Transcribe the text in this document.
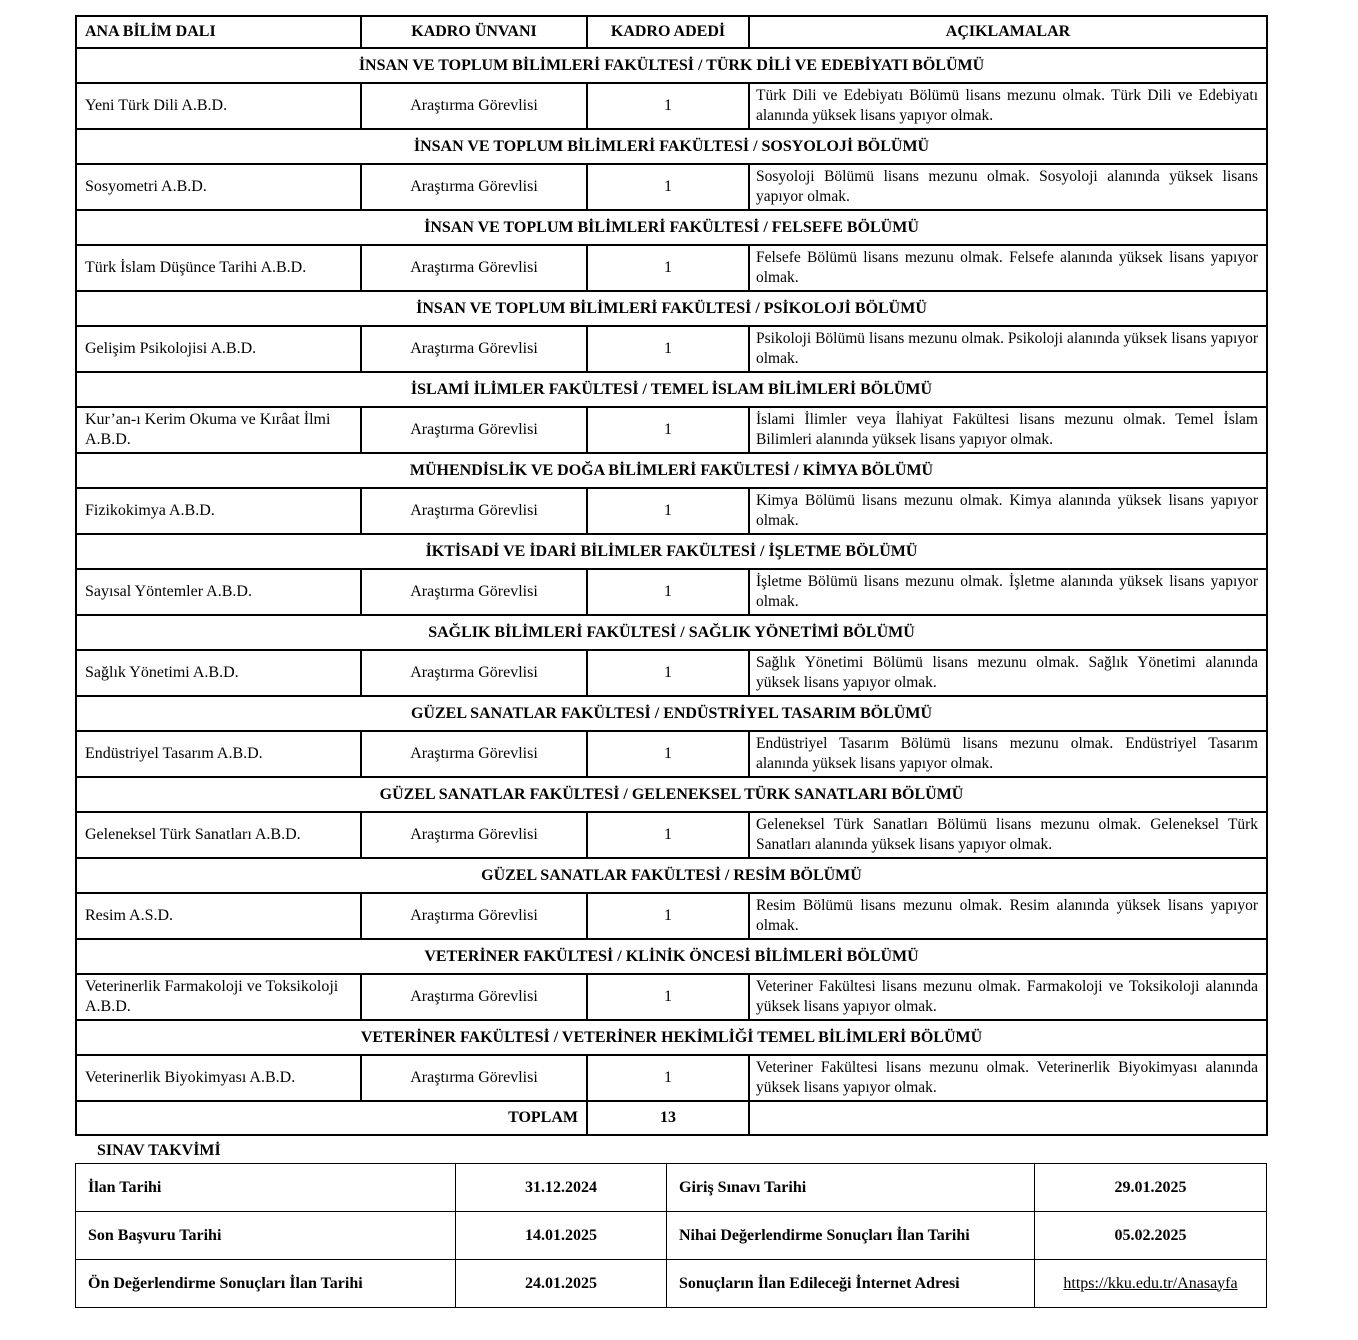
ANA BİLİM DALI	KADRO ÜNVANI	KADRO ADEDİ	AÇIKLAMALAR
İNSAN VE TOPLUM BİLİMLERİ FAKÜLTESİ / TÜRK DİLİ VE EDEBİYATI BÖLÜMÜ			
Yeni Türk Dili A.B.D.	Araştırma Görevlisi	1	Türk Dili ve Edebiyatı Bölümü lisans mezunu olmak. Türk Dili ve Edebiyatı alanında yüksek lisans yapıyor olmak.
İNSAN VE TOPLUM BİLİMLERİ FAKÜLTESİ / SOSYOLOJİ BÖLÜMÜ			
Sosyometri A.B.D.	Araştırma Görevlisi	1	Sosyoloji Bölümü lisans mezunu olmak. Sosyoloji alanında yüksek lisans yapıyor olmak.
İNSAN VE TOPLUM BİLİMLERİ FAKÜLTESİ / FELSEFE BÖLÜMÜ			
Türk İslam Düşünce Tarihi A.B.D.	Araştırma Görevlisi	1	Felsefe Bölümü lisans mezunu olmak. Felsefe alanında yüksek lisans yapıyor olmak.
İNSAN VE TOPLUM BİLİMLERİ FAKÜLTESİ / PSİKOLOJİ BÖLÜMÜ			
Gelişim Psikolojisi A.B.D.	Araştırma Görevlisi	1	Psikoloji Bölümü lisans mezunu olmak. Psikoloji alanında yüksek lisans yapıyor olmak.
İSLAMİ İLİMLER FAKÜLTESİ / TEMEL İSLAM BİLİMLERİ BÖLÜMÜ			
Kur’an-ı Kerim Okuma ve Kırâat İlmi A.B.D.	Araştırma Görevlisi	1	İslami İlimler veya İlahiyat Fakültesi lisans mezunu olmak. Temel İslam Bilimleri alanında yüksek lisans yapıyor olmak.
MÜHENDİSLİK VE DOĞA BİLİMLERİ FAKÜLTESİ / KİMYA BÖLÜMÜ			
Fizikokimya A.B.D.	Araştırma Görevlisi	1	Kimya Bölümü lisans mezunu olmak. Kimya alanında yüksek lisans yapıyor olmak.
İKTİSADİ VE İDARİ BİLİMLER FAKÜLTESİ / İŞLETME BÖLÜMÜ			
Sayısal Yöntemler A.B.D.	Araştırma Görevlisi	1	İşletme Bölümü lisans mezunu olmak. İşletme alanında yüksek lisans yapıyor olmak.
SAĞLIK BİLİMLERİ FAKÜLTESİ / SAĞLIK YÖNETİMİ BÖLÜMÜ			
Sağlık Yönetimi A.B.D.	Araştırma Görevlisi	1	Sağlık Yönetimi Bölümü lisans mezunu olmak. Sağlık Yönetimi alanında yüksek lisans yapıyor olmak.
GÜZEL SANATLAR FAKÜLTESİ / ENDÜSTRİYEL TASARIM BÖLÜMÜ			
Endüstriyel Tasarım A.B.D.	Araştırma Görevlisi	1	Endüstriyel Tasarım Bölümü lisans mezunu olmak. Endüstriyel Tasarım alanında yüksek lisans yapıyor olmak.
GÜZEL SANATLAR FAKÜLTESİ / GELENEKSEL TÜRK SANATLARI BÖLÜMÜ			
Geleneksel Türk Sanatları A.B.D.	Araştırma Görevlisi	1	Geleneksel Türk Sanatları Bölümü lisans mezunu olmak. Geleneksel Türk Sanatları alanında yüksek lisans yapıyor olmak.
GÜZEL SANATLAR FAKÜLTESİ / RESİM BÖLÜMÜ			
Resim A.S.D.	Araştırma Görevlisi	1	Resim Bölümü lisans mezunu olmak. Resim alanında yüksek lisans yapıyor olmak.
VETERİNER FAKÜLTESİ / KLİNİK ÖNCESİ BİLİMLERİ BÖLÜMÜ			
Veterinerlik Farmakoloji ve Toksikoloji A.B.D.	Araştırma Görevlisi	1	Veteriner Fakültesi lisans mezunu olmak. Farmakoloji ve Toksikoloji alanında yüksek lisans yapıyor olmak.
VETERİNER FAKÜLTESİ / VETERİNER HEKİMLİĞİ TEMEL BİLİMLERİ BÖLÜMÜ			
Veterinerlik Biyokimyası A.B.D.	Araştırma Görevlisi	1	Veteriner Fakültesi lisans mezunu olmak. Veterinerlik Biyokimyası alanında yüksek lisans yapıyor olmak.
TOPLAM		13	
SINAV TAKVİMİ
İlan Tarihi	31.12.2024	Giriş Sınavı Tarihi	29.01.2025
Son Başvuru Tarihi	14.01.2025	Nihai Değerlendirme Sonuçları İlan Tarihi	05.02.2025
Ön Değerlendirme Sonuçları İlan Tarihi	24.01.2025	Sonuçların İlan Edileceği İnternet Adresi	https://kku.edu.tr/Anasayfa
